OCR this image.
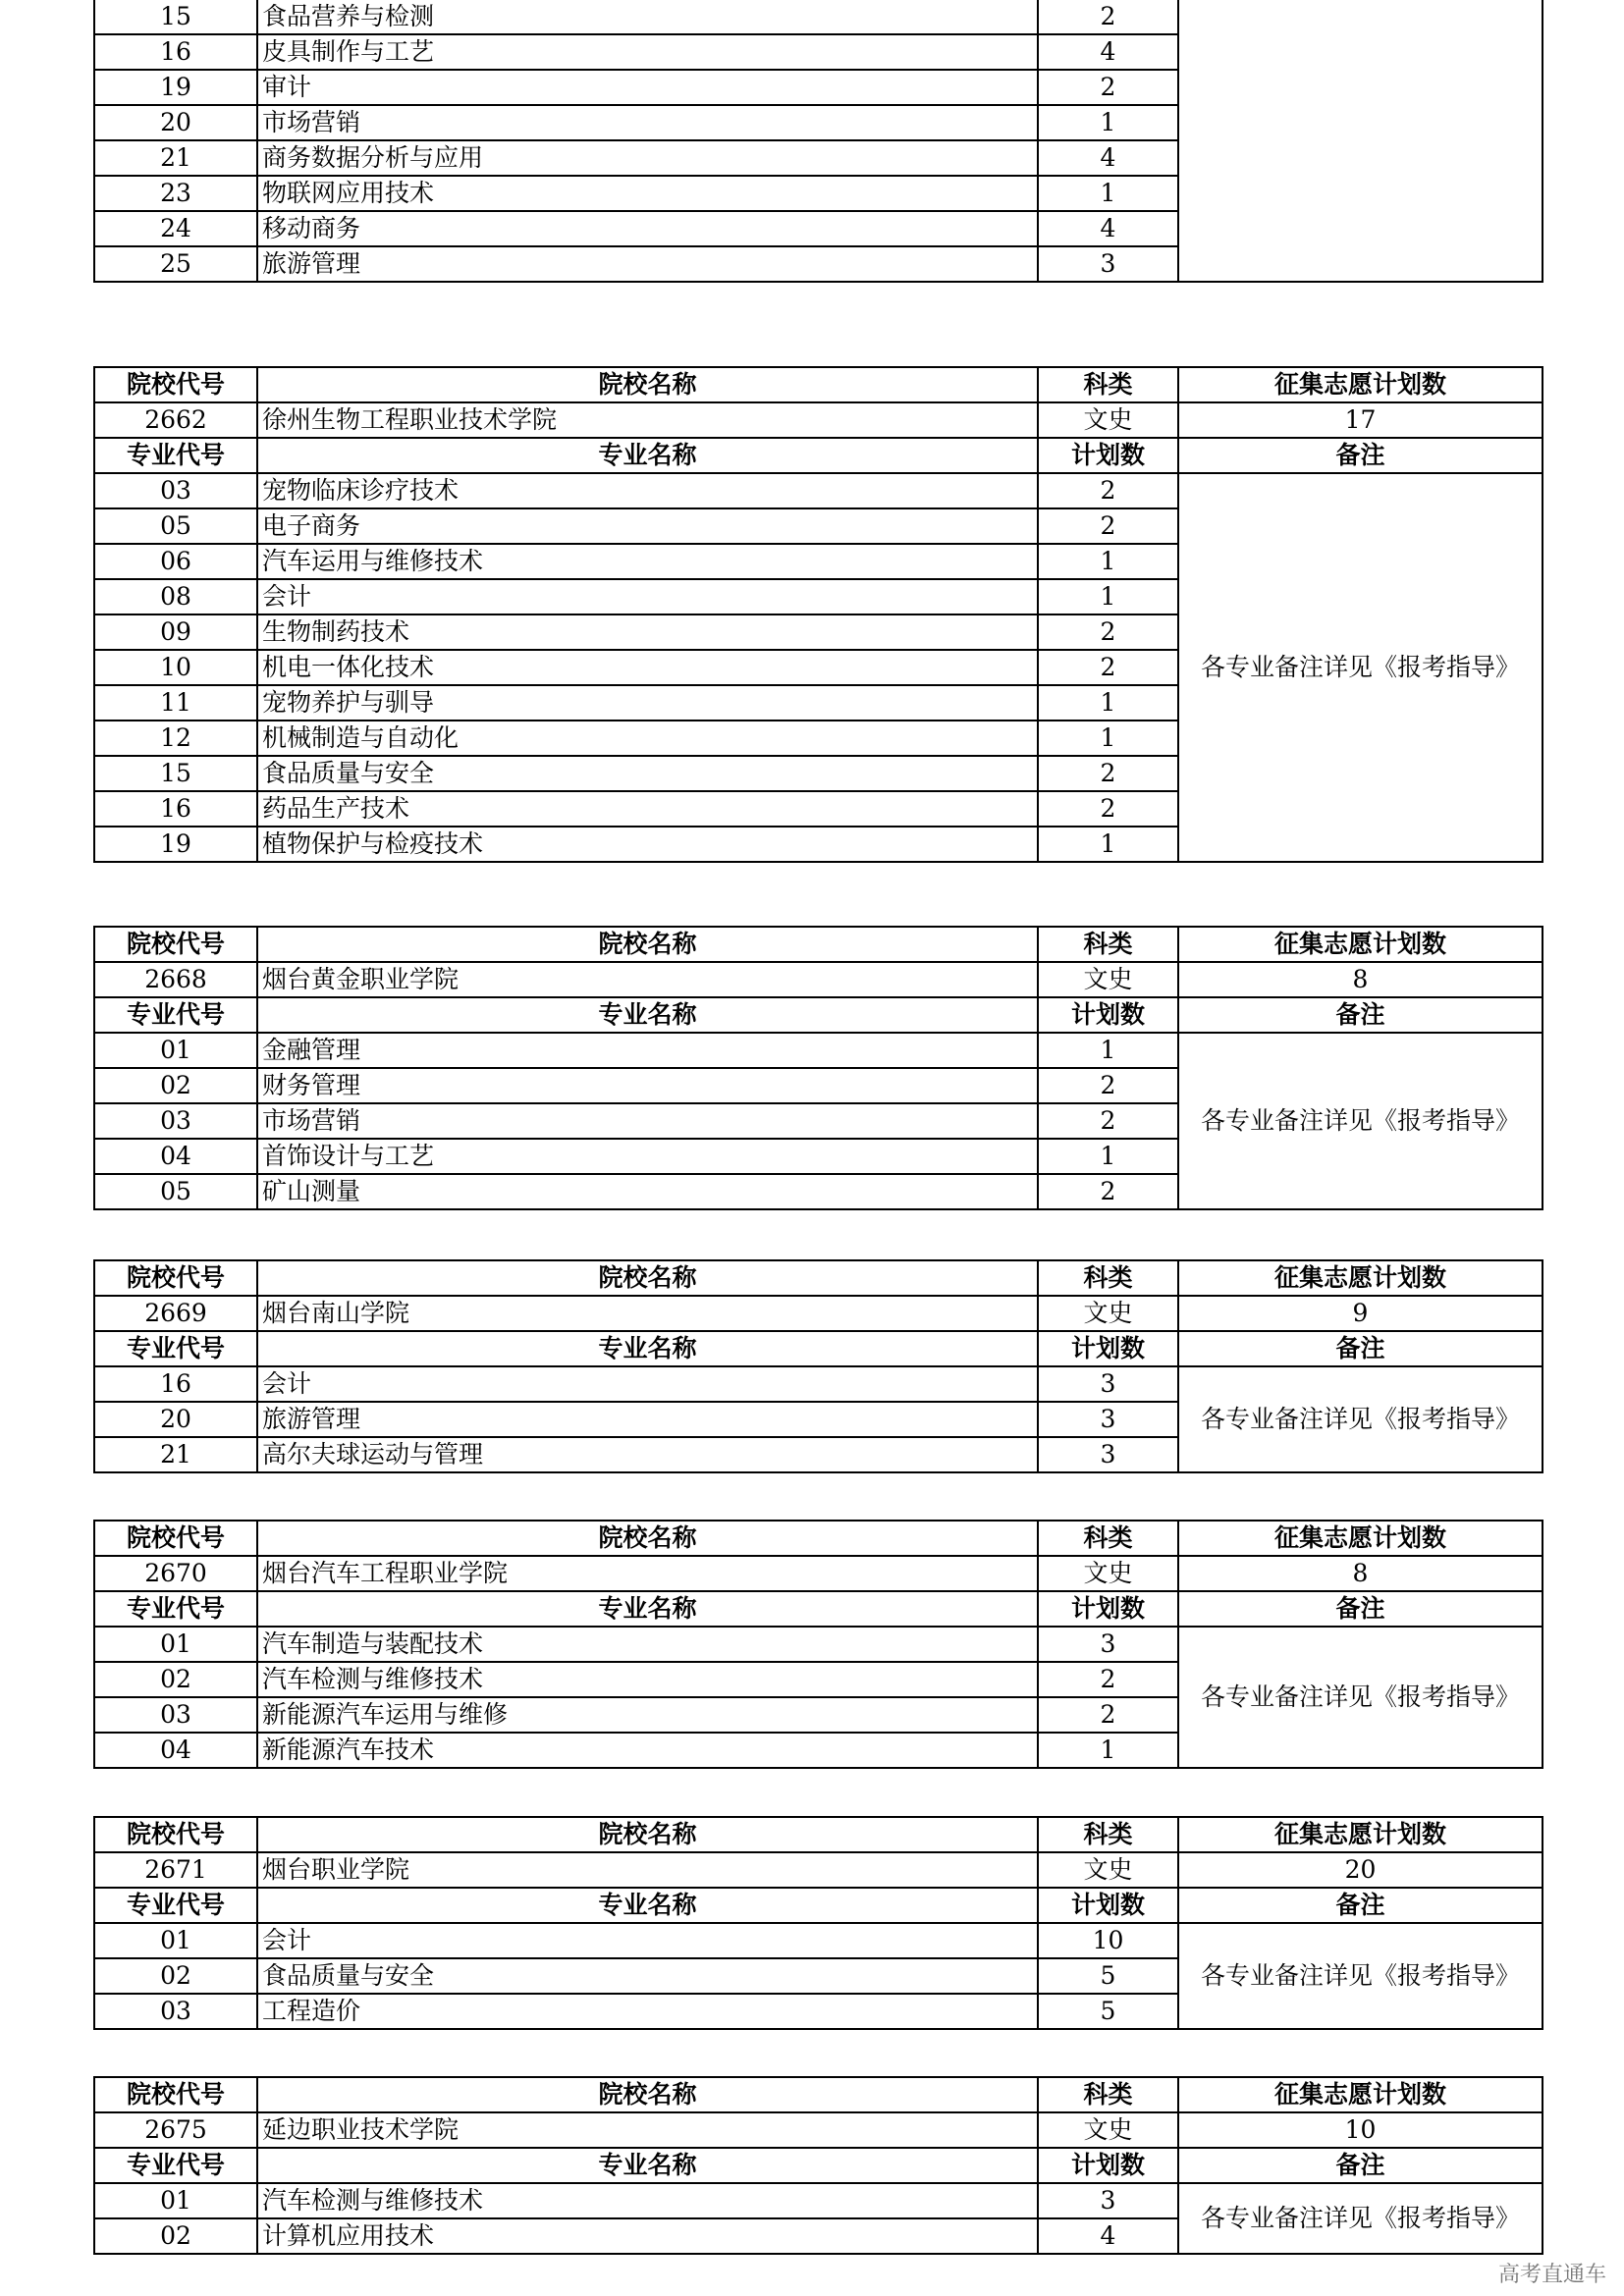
高考直通车
15	食品营养与检测	2	
16	皮具制作与工艺	4	
19	审计	2	
20	市场营销	1	
21	商务数据分析与应用	4	
23	物联网应用技术	1	
24	移动商务	4	
25	旅游管理	3	
院校代号	院校名称	科类	征集志愿计划数
2662	徐州生物工程职业技术学院	文史	17
专业代号	专业名称	计划数	备注
03	宠物临床诊疗技术	2	各专业备注详见《报考指导》
05	电子商务	2	
06	汽车运用与维修技术	1	
08	会计	1	
09	生物制药技术	2	
10	机电一体化技术	2	
11	宠物养护与驯导	1	
12	机械制造与自动化	1	
15	食品质量与安全	2	
16	药品生产技术	2	
19	植物保护与检疫技术	1	
院校代号	院校名称	科类	征集志愿计划数
2668	烟台黄金职业学院	文史	8
专业代号	专业名称	计划数	备注
01	金融管理	1	各专业备注详见《报考指导》
02	财务管理	2	
03	市场营销	2	
04	首饰设计与工艺	1	
05	矿山测量	2	
院校代号	院校名称	科类	征集志愿计划数
2669	烟台南山学院	文史	9
专业代号	专业名称	计划数	备注
16	会计	3	各专业备注详见《报考指导》
20	旅游管理	3	
21	高尔夫球运动与管理	3	
院校代号	院校名称	科类	征集志愿计划数
2670	烟台汽车工程职业学院	文史	8
专业代号	专业名称	计划数	备注
01	汽车制造与装配技术	3	各专业备注详见《报考指导》
02	汽车检测与维修技术	2	
03	新能源汽车运用与维修	2	
04	新能源汽车技术	1	
院校代号	院校名称	科类	征集志愿计划数
2671	烟台职业学院	文史	20
专业代号	专业名称	计划数	备注
01	会计	10	各专业备注详见《报考指导》
02	食品质量与安全	5	
03	工程造价	5	
院校代号	院校名称	科类	征集志愿计划数
2675	延边职业技术学院	文史	10
专业代号	专业名称	计划数	备注
01	汽车检测与维修技术	3	各专业备注详见《报考指导》
02	计算机应用技术	4	
